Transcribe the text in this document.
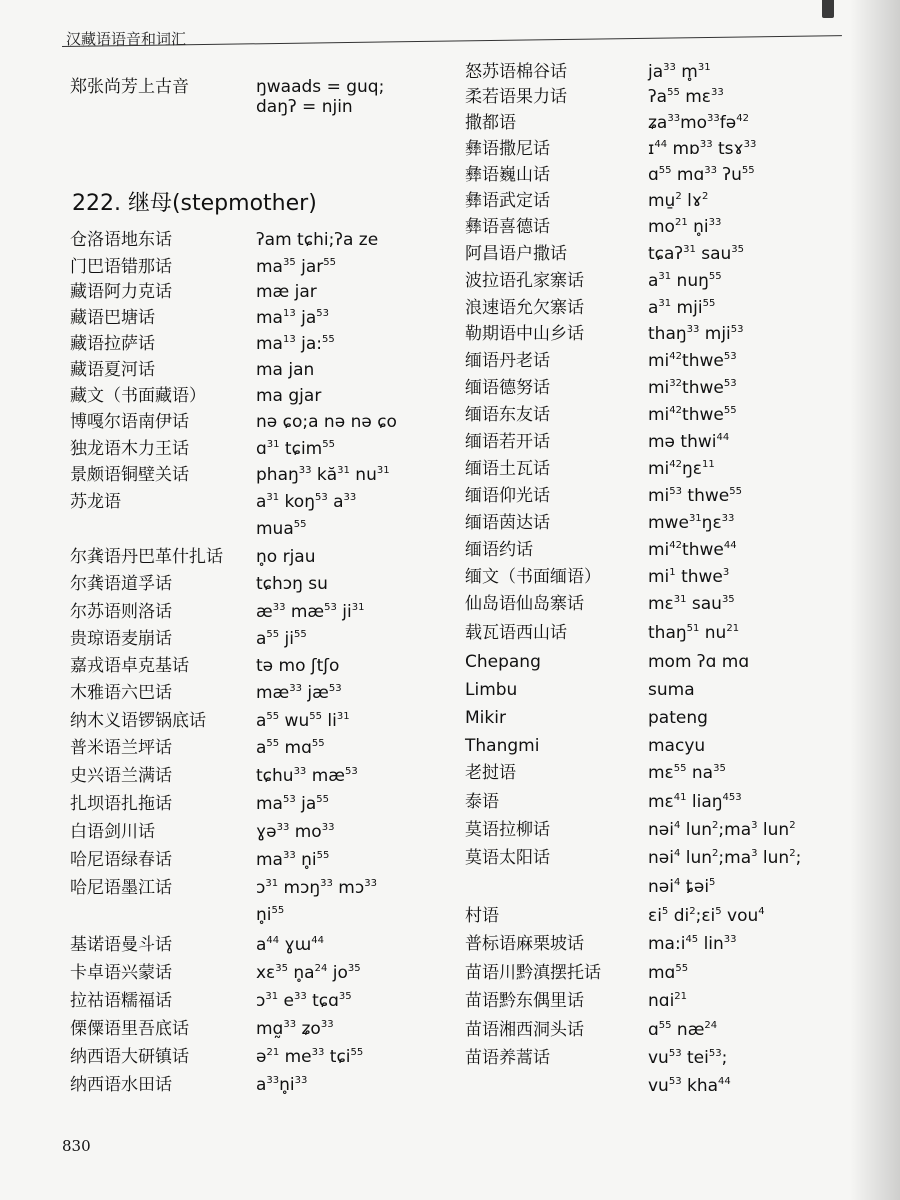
汉藏语语音和词汇
222. 继母(stepmother)
郑张尚芳上古音	ŋwaads = guq;
daŋʔ = njin
仓洛语地东话	ʔam tɕhi;ʔa ze
门巴语错那话	$ma^{35}$ jar$^{55}$
藏语阿力克话	mæ jar
藏语巴塘话	$ma^{13}$ $ja^{53}$
藏语拉萨话	$ma^{13}$ ja:$^{55}$
藏语夏河话	ma jan
藏文（书面藏语）	ma gjar
博嘎尔语南伊话	nə ɕo;a nə nə ɕo
独龙语木力王话	ɑ$^{31}$ tɕim$^{55}$
景颇语铜壁关话	phaŋ$^{33}$ $kă^{31}$ $nu^{31}$
苏龙语	$a^{31}$ koŋ$^{53}$ $a^{33}$
mua$^{55}$
尔龚语丹巴革什扎话 n̥o rjau
尔龚语道孚话	tɕhɔŋ su
尔苏语则洛话	$æ^{33}$ $mæ^{53}$ $ji^{31}$
贵琼语麦崩话	$a^{55}$ $ji^{55}$
嘉戎语卓克基话	tə mo ʃtʃo
木雅语六巴话	$mæ^{33}$ $jæ^{53}$
纳木义语锣锅底话	$a^{55}$ $wu^{55}$ $li^{31}$
普米语兰坪话	$a^{55}$ mɑ$^{55}$
史兴语兰满话	tɕhu$^{33}$ $mæ^{53}$
扎坝语扎拖话	$ma^{53}$ $ja^{55}$
白语剑川话	ɣə$^{33}$ $mo^{33}$
哈尼语绿春话	$ma^{33}$ $n̥i^{55}$
哈尼语墨江话	ɔ$^{31}$ mɔŋ$^{33}$ mɔ$^{33}$
$n̥i^{55}$
基诺语曼斗话	$a^{44}$ ɣɯ$^{44}$
卡卓语兴蒙话	xɛ$^{35}$ $n̥a^{24}$ $jo^{35}$
拉祜语糯福话	ɔ$^{31}$ $e^{33}$ tɕɑ$^{35}$
傈僳语里吾底话	mɑ̰$^{33}$ ʑo$^{33}$
纳西语大研镇话	ə$^{21}$ $me^{33}$ tɕi$^{55}$
纳西语水田话	$a^{33}n̥i^{33}$
怒苏语棉谷话	$ja^{33}$ m̥$^{31}$
柔若语果力话	ʔa$^{55}$ mɛ$^{33}$
撒都语	$ʑa^{33}mo^{33}fə^{42}$
彝语撒尼话	ɪ$^{44}$ mɒ$^{33}$ tsɤ$^{33}$
彝语巍山话	ɑ$^{55}$ mɑ$^{33}$ ʔu$^{55}$
彝语武定话	mu̱$^2$ lɤ$^2$
彝语喜德话	$mo^{21}$ $n̥i^{33}$
阿昌语户撒话	tɕaʔ$^{31}$ sau$^{35}$
波拉语孔家寨话	$a^{31}$ nuŋ$^{55}$
浪速语允欠寨话	$a^{31}$ mji$^{55}$
勒期语中山乡话	thaŋ$^{33}$ mji$^{53}$
缅语丹老话	$mi^{42}thwe^{53}$
缅语德努话	$mi^{32}thwe^{53}$
缅语东友话	$mi^{42}thwe^{55}$
缅语若开话	mə thwi$^{44}$
缅语土瓦话	$mi^{42}ŋɛ^{11}$
缅语仰光话	$mi^{53}$ thwe$^{55}$
缅语茵达话	mwe$^{31}$ŋɛ$^{33}$
缅语约话	$mi^{42}thwe^{44}$
缅文（书面缅语）	$mi^1$ thwe$^3$
仙岛语仙岛寨话	mɛ$^{31}$ sau$^{35}$
载瓦语西山话	thaŋ$^{51}$ $nu^{21}$
Chepang	mom ʔɑ mɑ
Limbu	suma
Mikir	pateng
Thangmi	macyu
老挝语	mɛ$^{55}$ $na^{35}$
泰语	mɛ$^{41}$ liaŋ$^{453}$
莫语拉柳话	nəi$^4$ $lun^2;ma^3$ lun$^2$
莫语太阳话	nəi$^4$ $lun^2;ma^3$ lun$^2$;
nəi$^4$ ȶəi$^5$
村语	ɛi$^5$ $di^2;ɛi^5$ vou$^4$
普标语麻栗坡话	$ma:i^{45}$ lin$^{33}$
苗语川黔滇摆托话	mɑ$^{55}$
苗语黔东偶里话	nɑi$^{21}$
苗语湘西洞头话	ɑ$^{55}$ $næ^{24}$
苗语养蒿话	$vu^{53}$ tei$^{53}$;
$vu^{53}$ kha$^{44}$
830
